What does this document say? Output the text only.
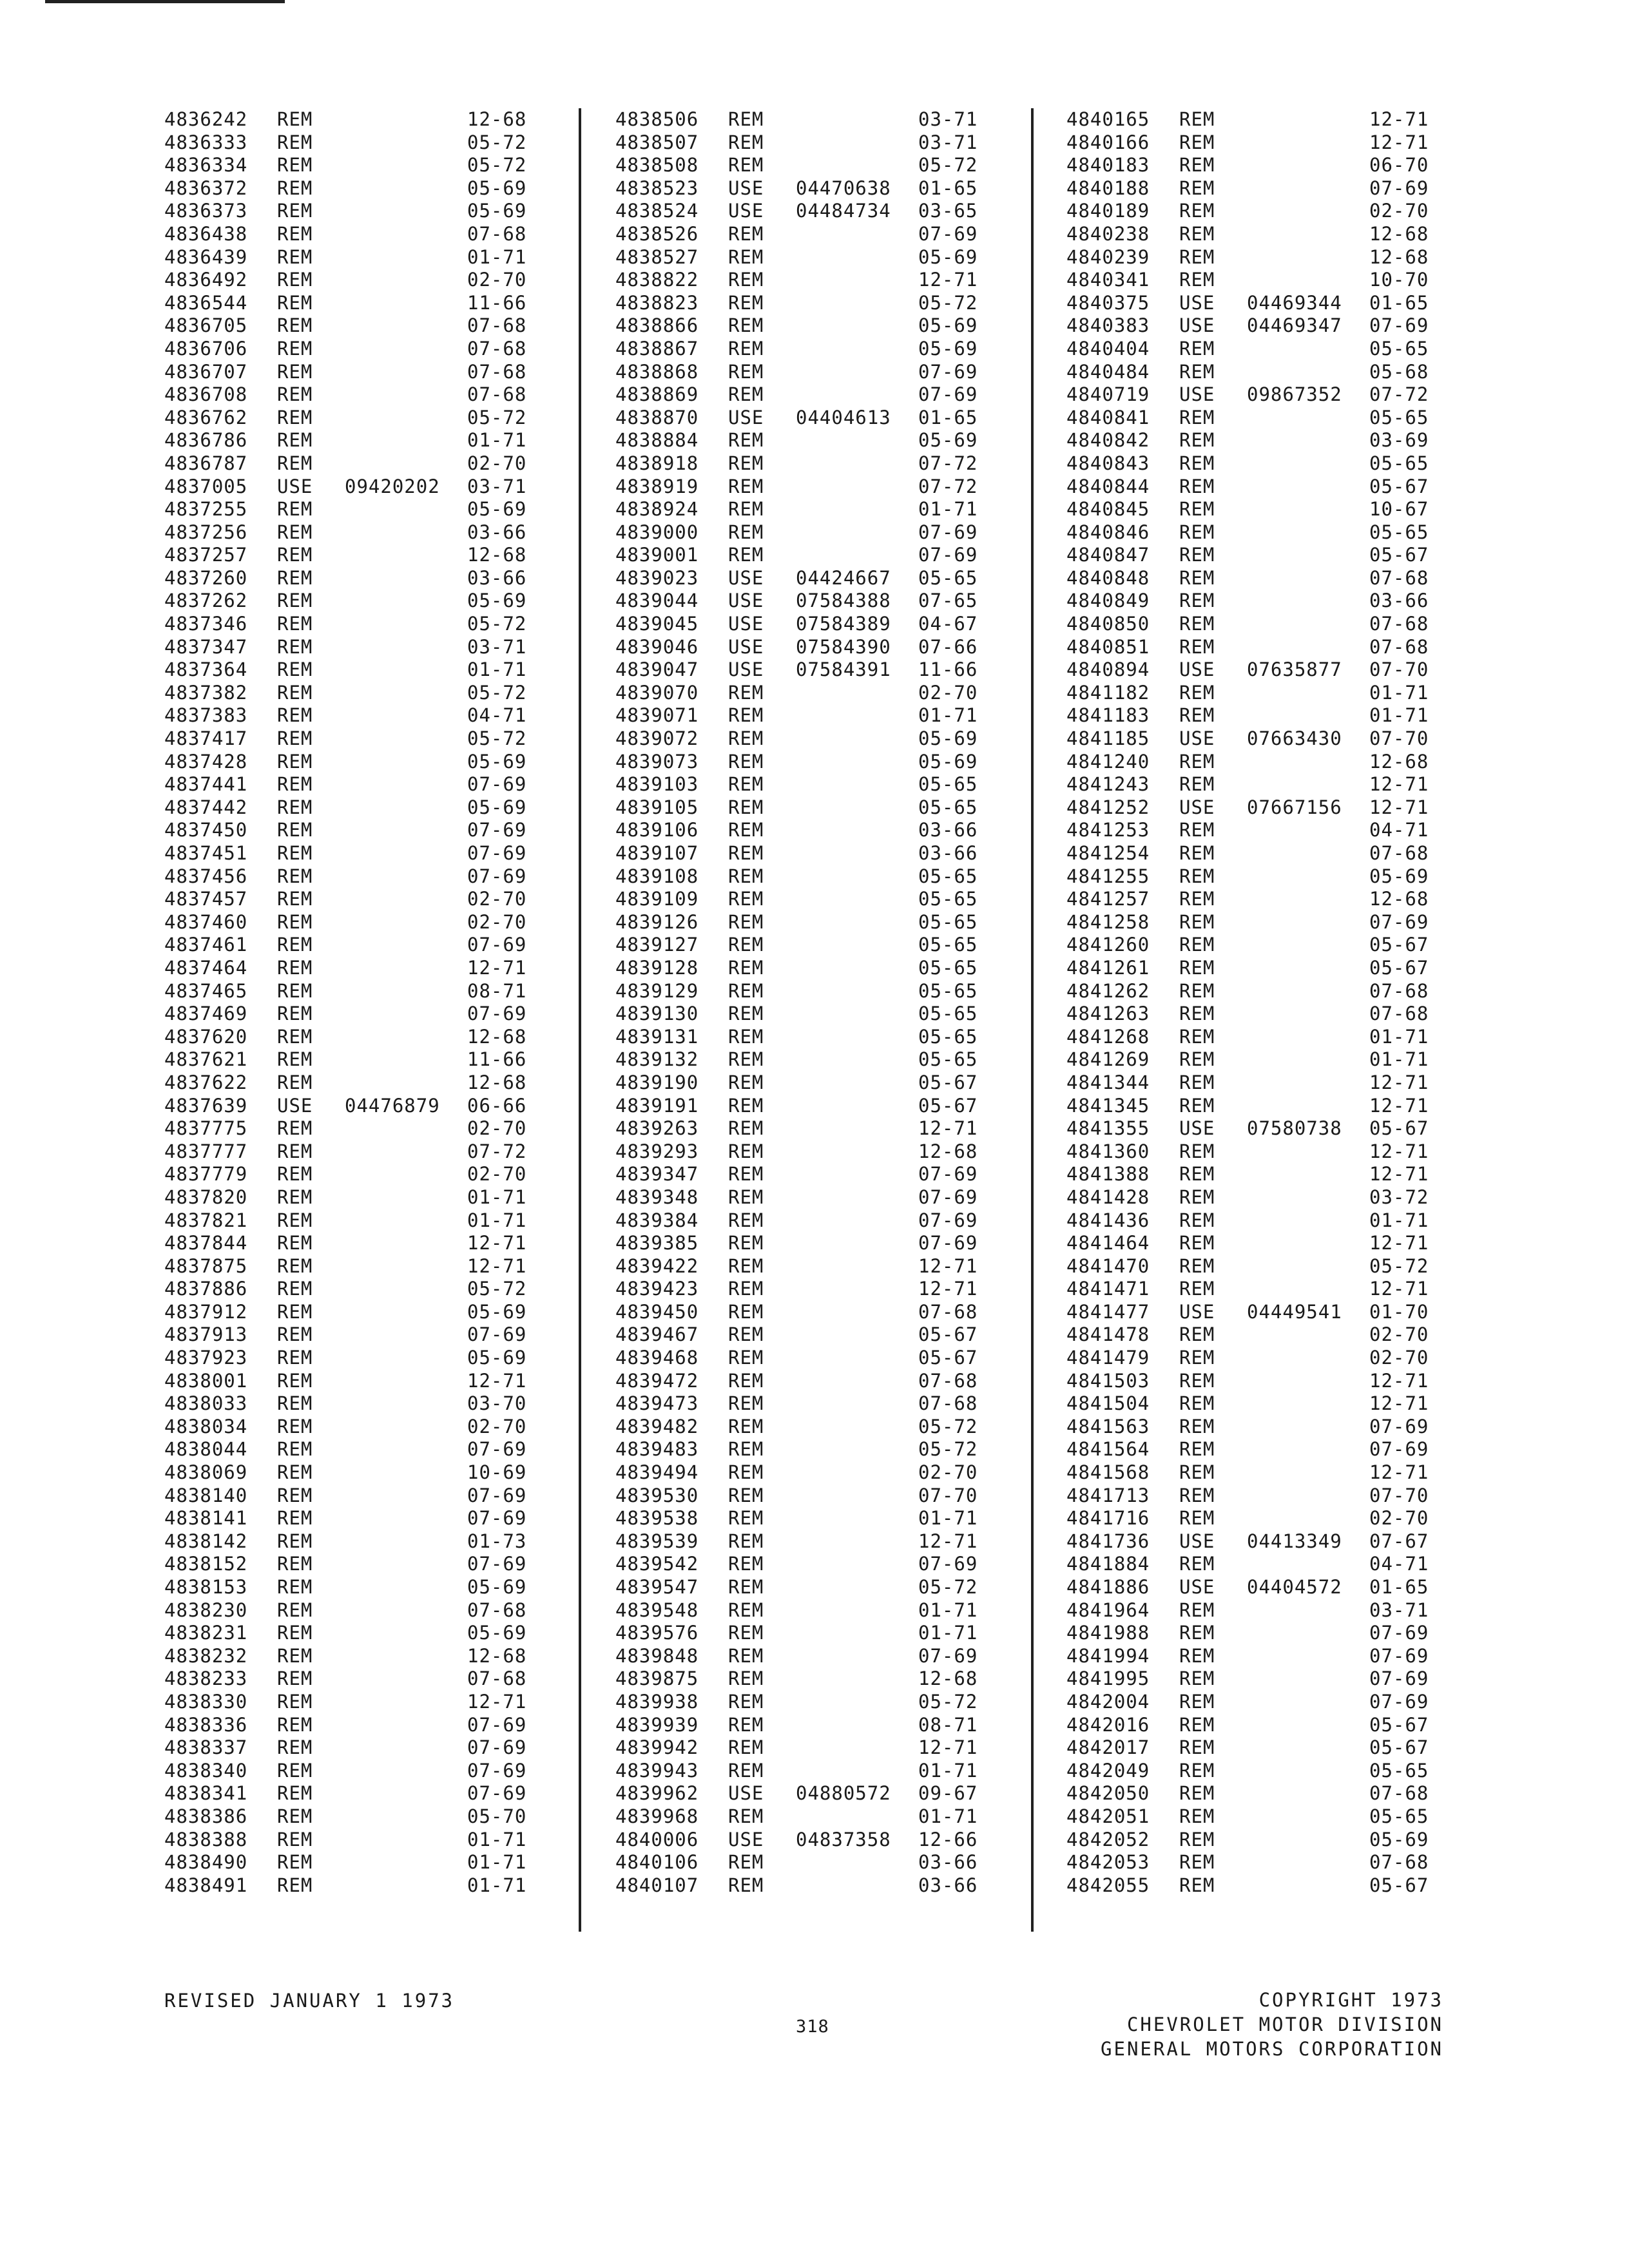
4836242 REM	12-68
4836333 REM	05-72
4836334 REM	05-72
4836372 REM	05-69
4836373 REM	05-69
4836438 REM	07-68
4836439 REM	01-71
4836492 REM	02-70
4836544 REM	11-66
4836705 REM	07-68
4836706 REM	07-68
4836707 REM	07-68
4836708 REM	07-68
4836762 REM	05-72
4836786 REM	01-71
4836787 REM	02-70
4837005 USE 09420202 03-71
4837255 REM	05-69
4837256 REM	03-66
4837257 REM	12-68
4837260 REM	03-66
4837262 REM	05-69
4837346 REM	05-72
4837347 REM	03-71
4837364 REM	01-71
4837382 REM	05-72
4837383 REM	04-71
4837417 REM	05-72
4837428 REM	05-69
4837441 REM	07-69
4837442 REM	05-69
4837450 REM	07-69
4837451 REM	07-69
4837456 REM	07-69
4837457 REM	02-70
4837460 REM	02-70
4837461 REM	07-69
4837464 REM	12-71
4837465 REM	08-71
4837469 REM	07-69
4837620 REM	12-68
4837621 REM	11-66
4837622 REM	12-68
4837639 USE 04476879 06-66
4837775 REM	02-70
4837777 REM	07-72
4837779 REM	02-70
4837820 REM	01-71
4837821 REM	01-71
4837844 REM	12-71
4837875 REM	12-71
4837886 REM	05-72
4837912 REM	05-69
4837913 REM	07-69
4837923 REM	05-69
4838001 REM	12-71
4838033 REM	03-70
4838034 REM	02-70
4838044 REM	07-69
4838069 REM	10-69
4838140 REM	07-69
4838141 REM	07-69
4838142 REM	01-73
4838152 REM	07-69
4838153 REM	05-69
4838230 REM	07-68
4838231 REM	05-69
4838232 REM	12-68
4838233 REM	07-68
4838330 REM	12-71
4838336 REM	07-69
4838337 REM	07-69
4838340 REM	07-69
4838341 REM	07-69
4838386 REM	05-70
4838388 REM	01-71
4838490 REM	01-71
4838491 REM	01-71
4838506 REM	03-71
4838507 REM	03-71
4838508 REM	05-72
4838523 USE 04470638 01-65
4838524 USE 04484734 03-65
4838526 REM	07-69
4838527 REM	05-69
4838822 REM	12-71
4838823 REM	05-72
4838866 REM	05-69
4838867 REM	05-69
4838868 REM	07-69
4838869 REM	07-69
4838870 USE 04404613 01-65
4838884 REM	05-69
4838918 REM	07-72
4838919 REM	07-72
4838924 REM	01-71
4839000 REM	07-69
4839001 REM	07-69
4839023 USE 04424667 05-65
4839044 USE 07584388 07-65
4839045 USE 07584389 04-67
4839046 USE 07584390 07-66
4839047 USE 07584391 11-66
4839070 REM	02-70
4839071 REM	01-71
4839072 REM	05-69
4839073 REM	05-69
4839103 REM	05-65
4839105 REM	05-65
4839106 REM	03-66
4839107 REM	03-66
4839108 REM	05-65
4839109 REM	05-65
4839126 REM	05-65
4839127 REM	05-65
4839128 REM	05-65
4839129 REM	05-65
4839130 REM	05-65
4839131 REM	05-65
4839132 REM	05-65
4839190 REM	05-67
4839191 REM	05-67
4839263 REM	12-71
4839293 REM	12-68
4839347 REM	07-69
4839348 REM	07-69
4839384 REM	07-69
4839385 REM	07-69
4839422 REM	12-71
4839423 REM	12-71
4839450 REM	07-68
4839467 REM	05-67
4839468 REM	05-67
4839472 REM	07-68
4839473 REM	07-68
4839482 REM	05-72
4839483 REM	05-72
4839494 REM	02-70
4839530 REM	07-70
4839538 REM	01-71
4839539 REM	12-71
4839542 REM	07-69
4839547 REM	05-72
4839548 REM	01-71
4839576 REM	01-71
4839848 REM	07-69
4839875 REM	12-68
4839938 REM	05-72
4839939 REM	08-71
4839942 REM	12-71
4839943 REM	01-71
4839962 USE 04880572 09-67
4839968 REM	01-71
4840006 USE 04837358 12-66
4840106 REM	03-66
4840107 REM	03-66
4840165 REM	12-71
4840166 REM	12-71
4840183 REM	06-70
4840188 REM	07-69
4840189 REM	02-70
4840238 REM	12-68
4840239 REM	12-68
4840341 REM	10-70
4840375 USE 04469344 01-65
4840383 USE 04469347 07-69
4840404 REM	05-65
4840484 REM	05-68
4840719 USE 09867352 07-72
4840841 REM	05-65
4840842 REM	03-69
4840843 REM	05-65
4840844 REM	05-67
4840845 REM	10-67
4840846 REM	05-65
4840847 REM	05-67
4840848 REM	07-68
4840849 REM	03-66
4840850 REM	07-68
4840851 REM	07-68
4840894 USE 07635877 07-70
4841182 REM	01-71
4841183 REM	01-71
4841185 USE 07663430 07-70
4841240 REM	12-68
4841243 REM	12-71
4841252 USE 07667156 12-71
4841253 REM	04-71
4841254 REM	07-68
4841255 REM	05-69
4841257 REM	12-68
4841258 REM	07-69
4841260 REM	05-67
4841261 REM	05-67
4841262 REM	07-68
4841263 REM	07-68
4841268 REM	01-71
4841269 REM	01-71
4841344 REM	12-71
4841345 REM	12-71
4841355 USE 07580738 05-67
4841360 REM	12-71
4841388 REM	12-71
4841428 REM	03-72
4841436 REM	01-71
4841464 REM	12-71
4841470 REM	05-72
4841471 REM	12-71
4841477 USE 04449541 01-70
4841478 REM	02-70
4841479 REM	02-70
4841503 REM	12-71
4841504 REM	12-71
4841563 REM	07-69
4841564 REM	07-69
4841568 REM	12-71
4841713 REM	07-70
4841716 REM	02-70
4841736 USE 04413349 07-67
4841884 REM	04-71
4841886 USE 04404572 01-65
4841964 REM	03-71
4841988 REM	07-69
4841994 REM	07-69
4841995 REM	07-69
4842004 REM	07-69
4842016 REM	05-67
4842017 REM	05-67
4842049 REM	05-65
4842050 REM	07-68
4842051 REM	05-65
4842052 REM	05-69
4842053 REM	07-68
4842055 REM	05-67
REVISED JANUARY 1 1973
318
COPYRIGHT 1973
CHEVROLET MOTOR DIVISION
GENERAL MOTORS CORPORATION
